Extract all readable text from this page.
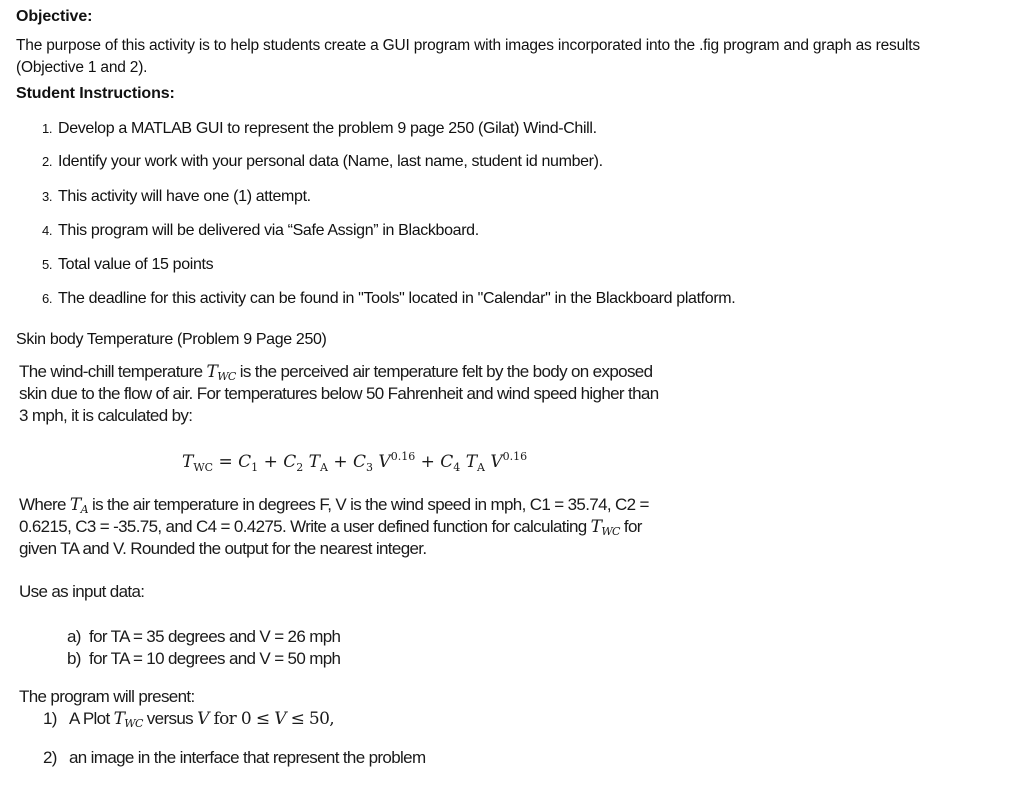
Objective:
The purpose of this activity is to help students create a GUI program with images incorporated into the .fig program and graph as results
(Objective 1 and 2).
Student Instructions:
1. Develop a MATLAB GUI to represent the problem 9 page 250 (Gilat) Wind-Chill.
2. Identify your work with your personal data (Name, last name, student id number).
3. This activity will have one (1) attempt.
4. This program will be delivered via “Safe Assign” in Blackboard.
5. Total value of 15 points
6. The deadline for this activity can be found in "Tools" located in "Calendar" in the Blackboard platform.
Skin body Temperature (Problem 9 Page 250)
The wind-chill temperature $T_{WC}$ is the perceived air temperature felt by the body on exposed
skin due to the flow of air. For temperatures below 50 Fahrenheit and wind speed higher than
3 mph, it is calculated by:
$T_{WC} = C_1 + C_2$ $T_A + C_3$ $V^{0.16} + C_4$ $T_A$ $V^{0.16}$
Where $T_A$ is the air temperature in degrees F, V is the wind speed in mph, C1 = 35.74, C2 =
0.6215, C3 = -35.75, and C4 = 0.4275. Write a user defined function for calculating $T_{WC}$ for
given TA and V. Rounded the output for the nearest integer.
Use as input data:
a) for TA = 35 degrees and V = 26 mph
b) for TA = 10 degrees and V = 50 mph
The program will present:
1) A Plot $T_{WC}$ versus V for 0 ≤ V ≤ 50,
2) an image in the interface that represent the problem
